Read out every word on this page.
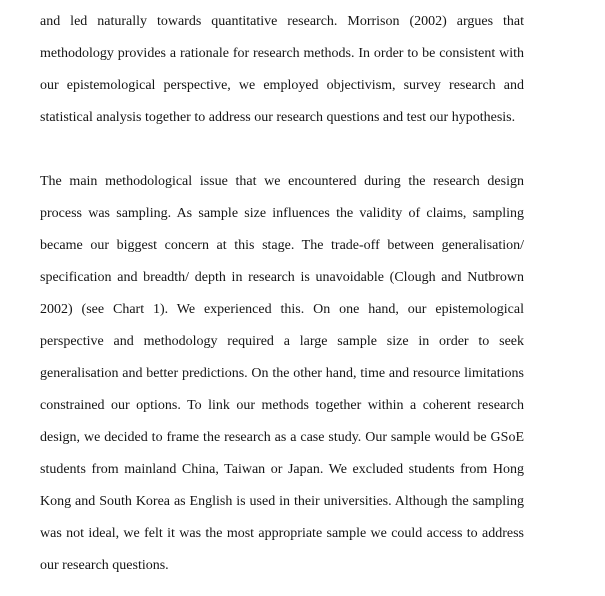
and led naturally towards quantitative research. Morrison (2002) argues that
methodology provides a rationale for research methods. In order to be consistent with
our epistemological perspective, we employed objectivism, survey research and
statistical analysis together to address our research questions and test our hypothesis.
The main methodological issue that we encountered during the research design
process was sampling. As sample size influences the validity of claims, sampling
became our biggest concern at this stage. The trade-off between generalisation/
specification and breadth/ depth in research is unavoidable (Clough and Nutbrown
2002) (see Chart 1). We experienced this. On one hand, our epistemological
perspective and methodology required a large sample size in order to seek
generalisation and better predictions. On the other hand, time and resource limitations
constrained our options. To link our methods together within a coherent research
design, we decided to frame the research as a case study. Our sample would be GSoE
students from mainland China, Taiwan or Japan. We excluded students from Hong
Kong and South Korea as English is used in their universities. Although the sampling
was not ideal, we felt it was the most appropriate sample we could access to address
our research questions.
